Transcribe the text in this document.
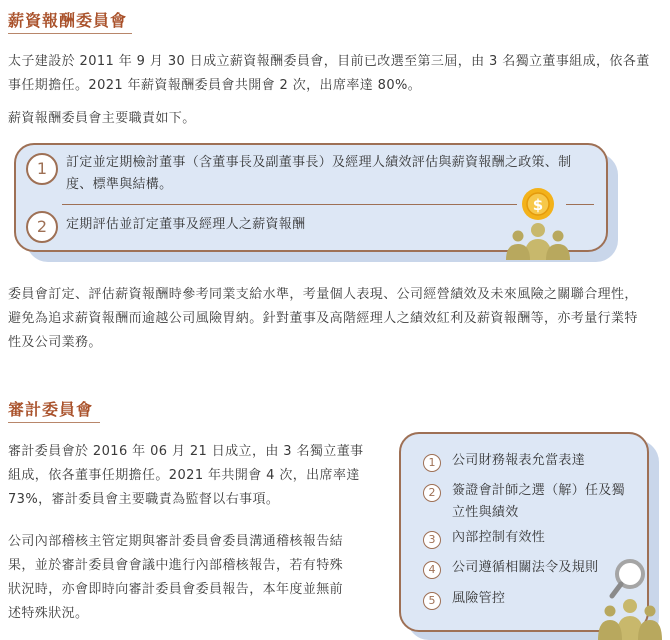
薪資報酬委員會
太子建設於 2011 年 9 月 30 日成立薪資報酬委員會，目前已改選至第三屆，由 3 名獨立董事組成，依各董
事任期擔任。2021 年薪資報酬委員會共開會 2 次，出席率達 80%。
薪資報酬委員會主要職責如下。
1	訂定並定期檢討董事（含董事長及副董事長）及經理人績效評估與薪資報酬之政策、制
度、標準與結構。
2	定期評估並訂定董事及經理人之薪資報酬
$
委員會訂定、評估薪資報酬時參考同業支給水準，考量個人表現、公司經營績效及未來風險之關聯合理性，
避免為追求薪資報酬而逾越公司風險胃納。針對董事及高階經理人之績效紅利及薪資報酬等，亦考量行業特
性及公司業務。
審計委員會
審計委員會於 2016 年 06 月 21 日成立，由 3 名獨立董事
組成，依各董事任期擔任。2021 年共開會 4 次，出席率達
73%，審計委員會主要職責為監督以右事項。
公司內部稽核主管定期與審計委員會委員溝通稽核報告結
果，並於審計委員會會議中進行內部稽核報告，若有特殊
狀況時，亦會即時向審計委員會委員報告，本年度並無前
述特殊狀況。
1	公司財務報表允當表達
2	簽證會計師之選（解）任及獨
立性與績效
3	內部控制有效性
4	公司遵循相關法令及規則
5	風險管控
